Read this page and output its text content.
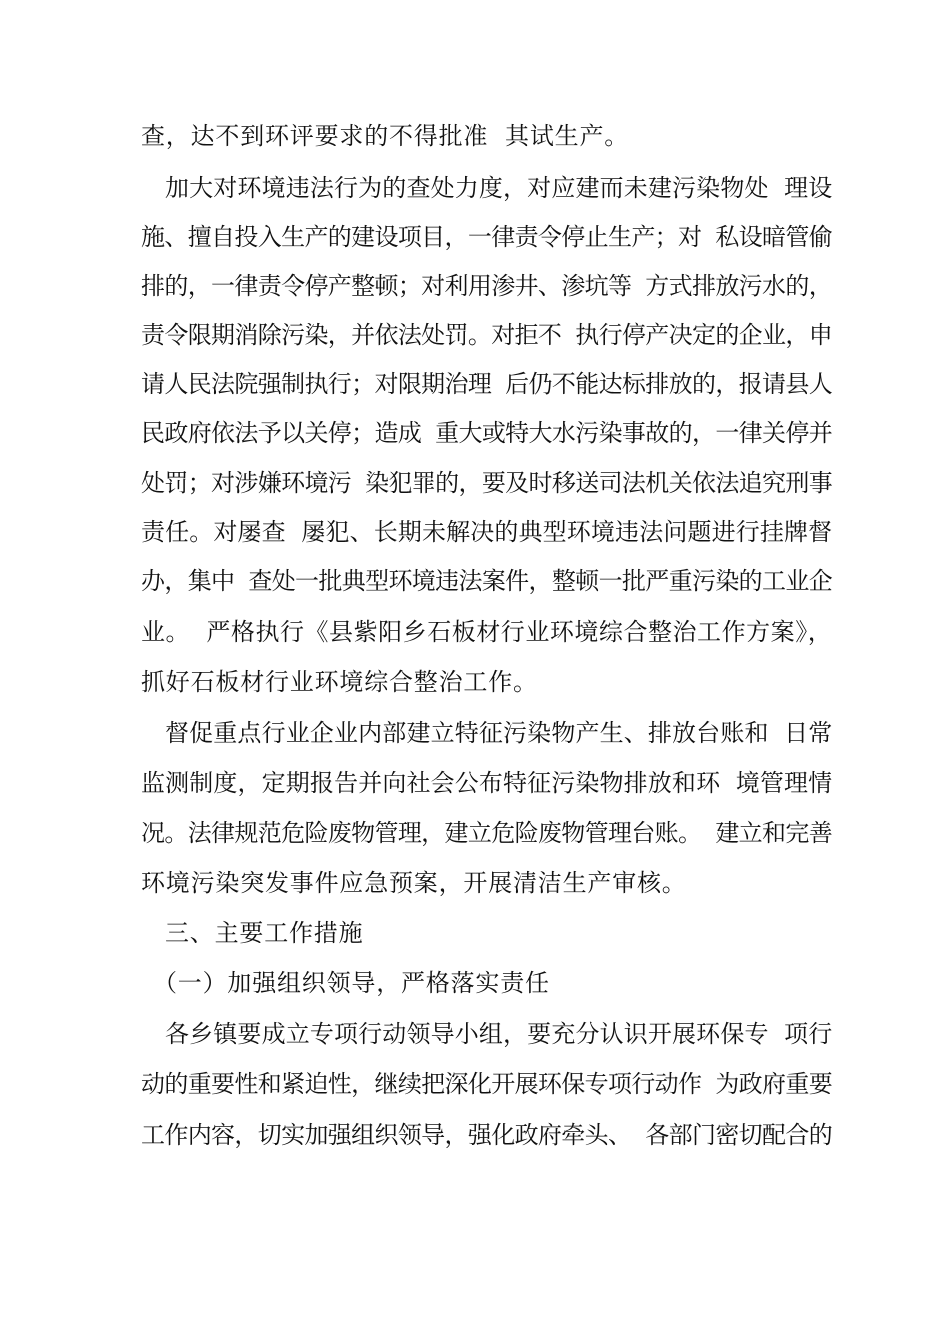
查，达不到环评要求的不得批准  其试生产。
加大对环境违法行为的查处力度，对应建而未建污染物处  理设
施、擅自投入生产的建设项目，一律责令停止生产；对  私设暗管偷
排的，一律责令停产整顿；对利用渗井、渗坑等  方式排放污水的，
责令限期消除污染，并依法处罚。对拒不  执行停产决定的企业，申
请人民法院强制执行；对限期治理  后仍不能达标排放的，报请县人
民政府依法予以关停；造成  重大或特大水污染事故的，一律关停并
处罚；对涉嫌环境污  染犯罪的，要及时移送司法机关依法追究刑事
责任。对屡查  屡犯、长期未解决的典型环境违法问题进行挂牌督
办，集中  查处一批典型环境违法案件，整顿一批严重污染的工业企
业。  严格执行《县紫阳乡石板材行业环境综合整治工作方案》，
抓好石板材行业环境综合整治工作。
督促重点行业企业内部建立特征污染物产生、排放台账和  日常
监测制度，定期报告并向社会公布特征污染物排放和环  境管理情
况。法律规范危险废物管理，建立危险废物管理台账。  建立和完善
环境污染突发事件应急预案，开展清洁生产审核。
三、主要工作措施
（一）加强组织领导，严格落实责任
各乡镇要成立专项行动领导小组，要充分认识开展环保专  项行
动的重要性和紧迫性，继续把深化开展环保专项行动作  为政府重要
工作内容，切实加强组织领导，强化政府牵头、  各部门密切配合的
